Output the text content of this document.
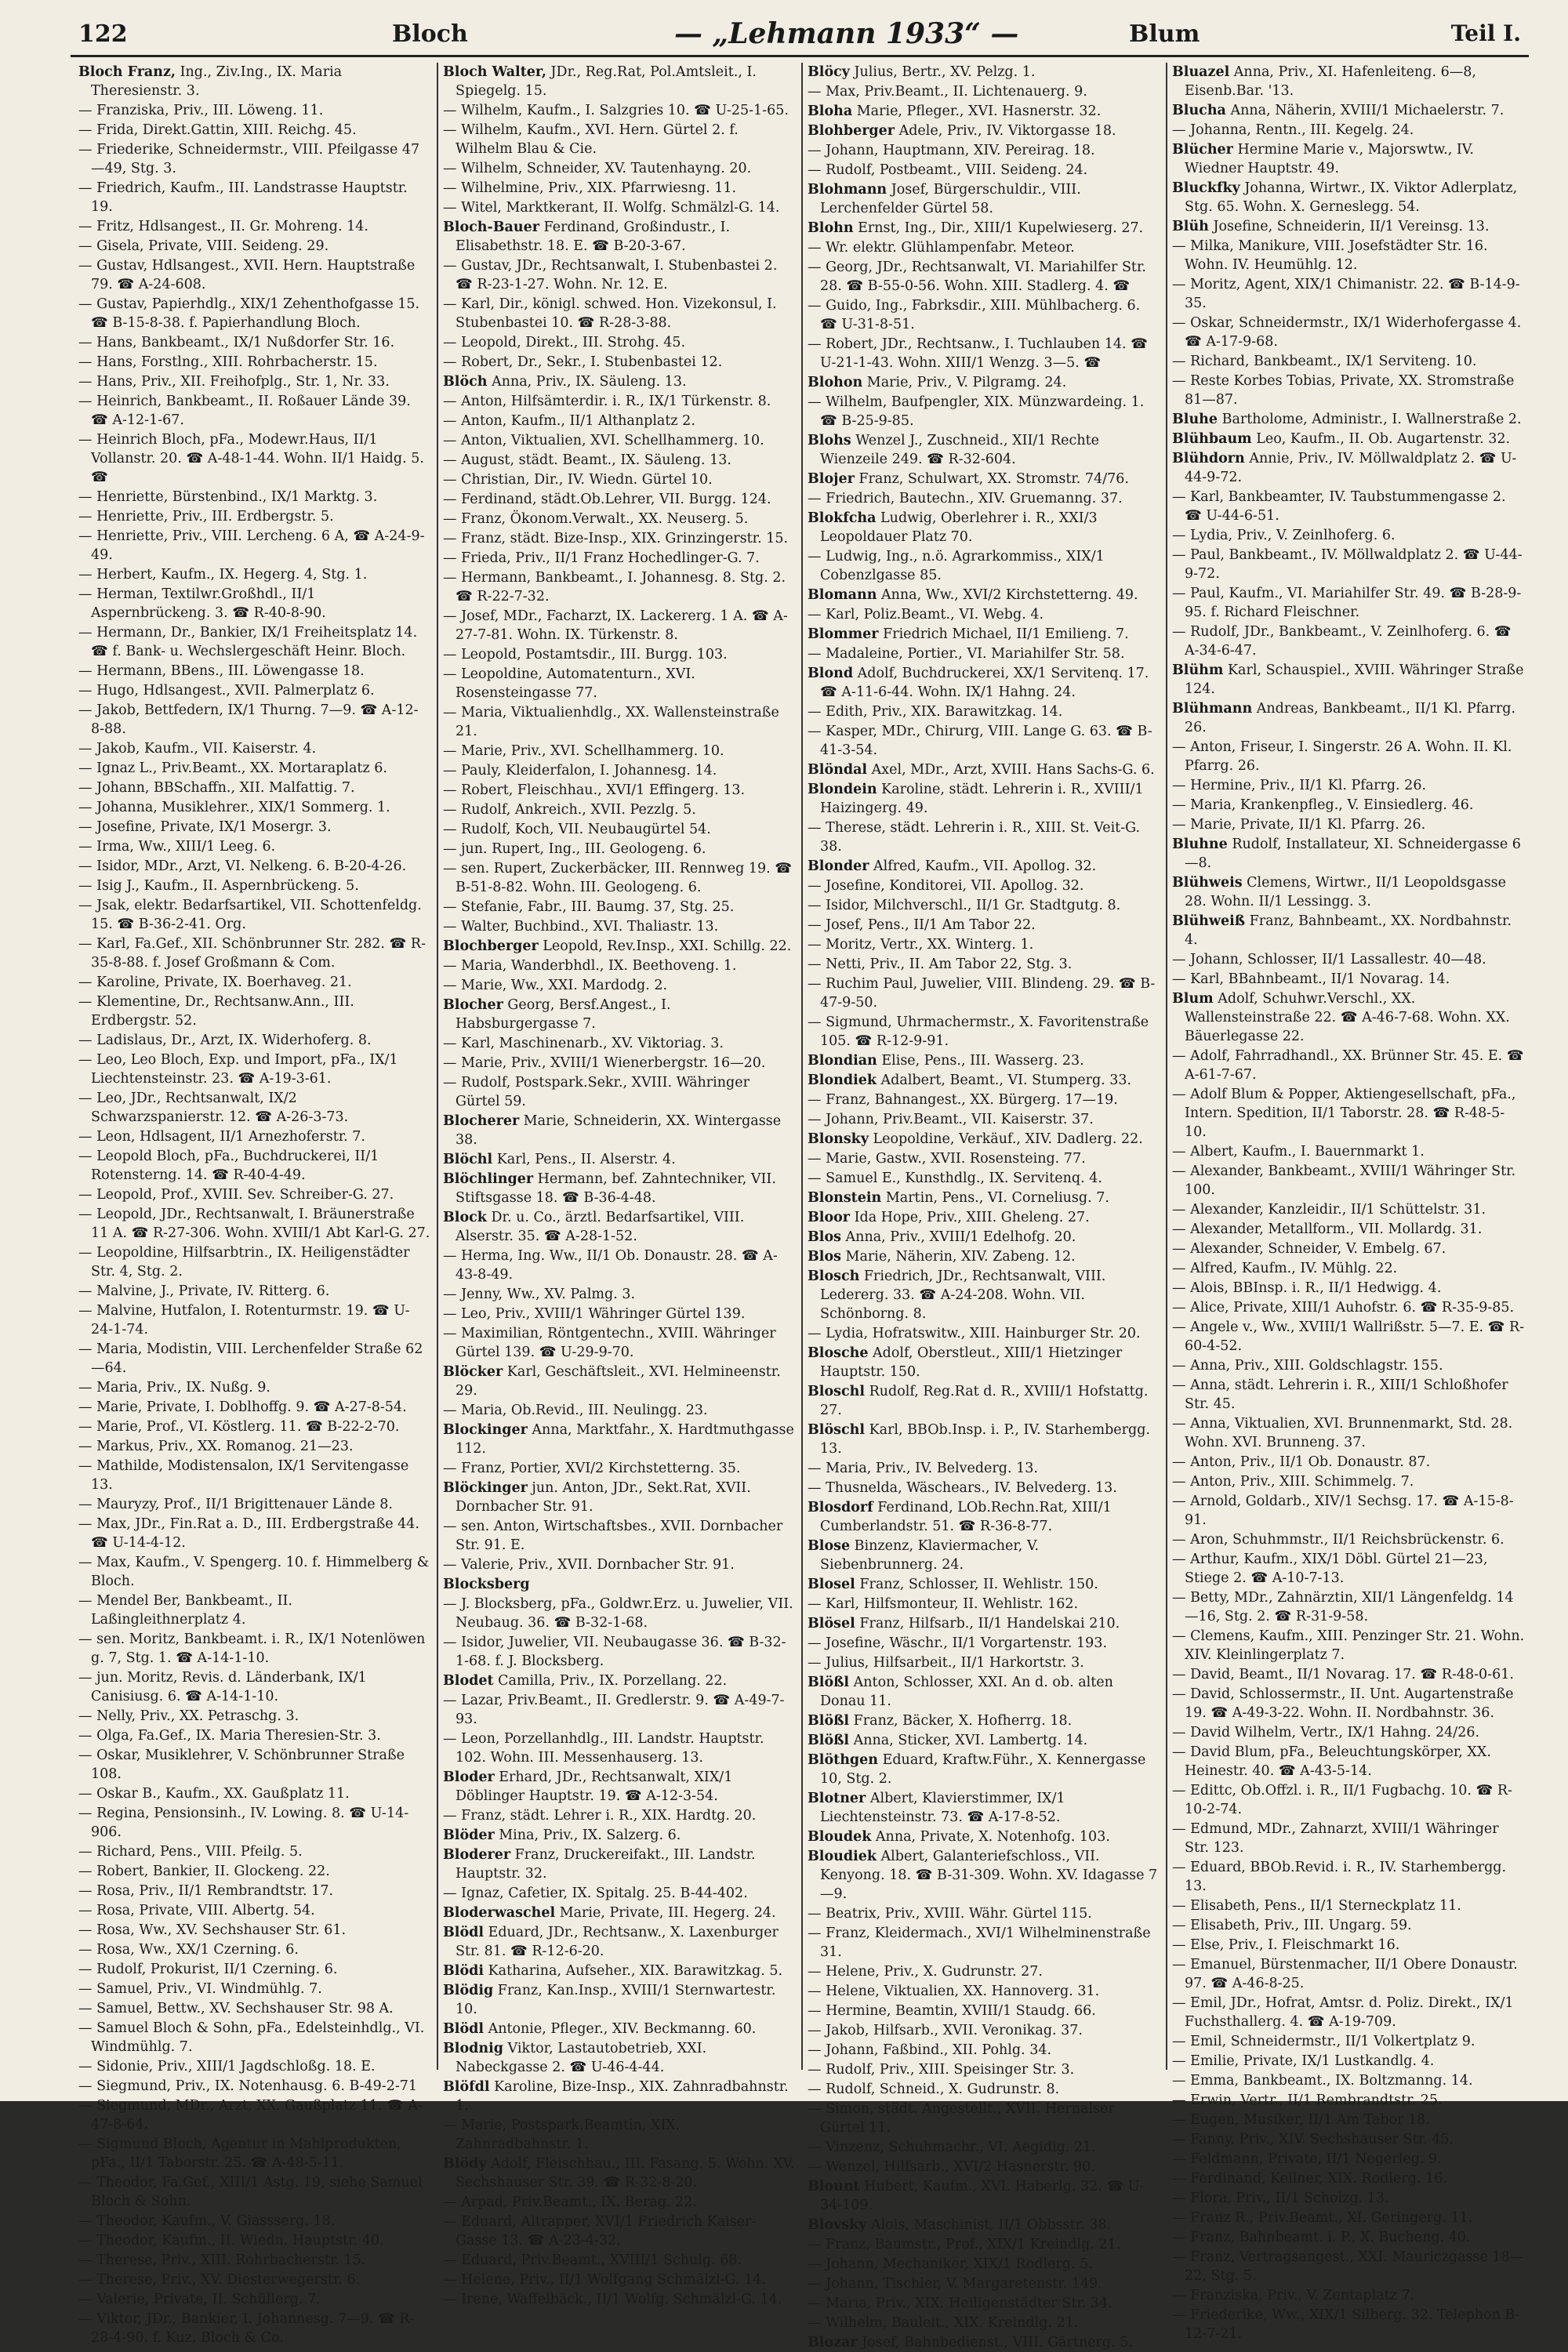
122	Bloch	— „Lehmann 1933“ —	Blum	Teil I.
Bloch Franz, Ing., Ziv.Ing., IX. Maria Theresienstr. 3.
— Franziska, Priv., III. Löweng. 11.
— Frida, Direkt.Gattin, XIII. Reichg. 45.
— Friederike, Schneidermstr., VIII. Pfeilgasse 47—49, Stg. 3.
— Friedrich, Kaufm., III. Landstrasse Hauptstr. 19.
— Fritz, Hdlsangest., II. Gr. Mohreng. 14.
— Gisela, Private, VIII. Seideng. 29.
— Gustav, Hdlsangest., XVII. Hern. Hauptstraße 79. ☎ A-24-608.
— Gustav, Papierhdlg., XIX/1 Zehenthofgasse 15. ☎ B-15-8-38. f. Papierhandlung Bloch.
— Hans, Bankbeamt., IX/1 Nußdorfer Str. 16.
— Hans, Forstlng., XIII. Rohrbacherstr. 15.
— Hans, Priv., XII. Freihofplg., Str. 1, Nr. 33.
— Heinrich, Bankbeamt., II. Roßauer Lände 39. ☎ A-12-1-67.
— Heinrich Bloch, pFa., Modewr.Haus, II/1 Vollanstr. 20. ☎ A-48-1-44. Wohn. II/1 Haidg. 5. ☎
— Henriette, Bürstenbind., IX/1 Marktg. 3.
— Henriette, Priv., III. Erdbergstr. 5.
— Henriette, Priv., VIII. Lercheng. 6 A, ☎ A-24-9-49.
— Herbert, Kaufm., IX. Hegerg. 4, Stg. 1.
— Herman, Textilwr.Großhdl., II/1 Aspernbrückeng. 3. ☎ R-40-8-90.
— Hermann, Dr., Bankier, IX/1 Freiheitsplatz 14. ☎ f. Bank- u. Wechslergeschäft Heinr. Bloch.
— Hermann, BBens., III. Löwengasse 18.
— Hugo, Hdlsangest., XVII. Palmerplatz 6.
— Jakob, Bettfedern, IX/1 Thurng. 7—9. ☎ A-12-8-88.
— Jakob, Kaufm., VII. Kaiserstr. 4.
— Ignaz L., Priv.Beamt., XX. Mortaraplatz 6.
— Johann, BBSchaffn., XII. Malfattig. 7.
— Johanna, Musiklehrer., XIX/1 Sommerg. 1.
— Josefine, Private, IX/1 Mosergr. 3.
— Irma, Ww., XIII/1 Leeg. 6.
— Isidor, MDr., Arzt, VI. Nelkeng. 6. B-20-4-26.
— Isig J., Kaufm., II. Aspernbrückeng. 5.
— Jsak, elektr. Bedarfsartikel, VII. Schottenfeldg. 15. ☎ B-36-2-41. Org.
— Karl, Fa.Gef., XII. Schönbrunner Str. 282. ☎ R-35-8-88. f. Josef Großmann & Com.
— Karoline, Private, IX. Boerhaveg. 21.
— Klementine, Dr., Rechtsanw.Ann., III. Erdbergstr. 52.
— Ladislaus, Dr., Arzt, IX. Widerhoferg. 8.
— Leo, Leo Bloch, Exp. und Import, pFa., IX/1 Liechtensteinstr. 23. ☎ A-19-3-61.
— Leo, JDr., Rechtsanwalt, IX/2 Schwarzspanierstr. 12. ☎ A-26-3-73.
— Leon, Hdlsagent, II/1 Arnezhoferstr. 7.
— Leopold Bloch, pFa., Buchdruckerei, II/1 Rotensterng. 14. ☎ R-40-4-49.
— Leopold, Prof., XVIII. Sev. Schreiber-G. 27.
— Leopold, JDr., Rechtsanwalt, I. Bräunerstraße 11 A. ☎ R-27-306. Wohn. XVIII/1 Abt Karl-G. 27.
— Leopoldine, Hilfsarbtrin., IX. Heiligenstädter Str. 4, Stg. 2.
— Malvine, J., Private, IV. Ritterg. 6.
— Malvine, Hutfalon, I. Rotenturmstr. 19. ☎ U-24-1-74.
— Maria, Modistin, VIII. Lerchenfelder Straße 62—64.
— Maria, Priv., IX. Nußg. 9.
— Marie, Private, I. Doblhoffg. 9. ☎ A-27-8-54.
— Marie, Prof., VI. Köstlerg. 11. ☎ B-22-2-70.
— Markus, Priv., XX. Romanog. 21—23.
— Mathilde, Modistensalon, IX/1 Servitengasse 13.
— Mauryzy, Prof., II/1 Brigittenauer Lände 8.
— Max, JDr., Fin.Rat a. D., III. Erdbergstraße 44. ☎ U-14-4-12.
— Max, Kaufm., V. Spengerg. 10. f. Himmelberg & Bloch.
— Mendel Ber, Bankbeamt., II. Laßingleithnerplatz 4.
— sen. Moritz, Bankbeamt. i. R., IX/1 Notenlöwen g. 7, Stg. 1. ☎ A-14-1-10.
— jun. Moritz, Revis. d. Länderbank, IX/1 Canisiusg. 6. ☎ A-14-1-10.
— Nelly, Priv., XX. Petraschg. 3.
— Olga, Fa.Gef., IX. Maria Theresien-Str. 3.
— Oskar, Musiklehrer, V. Schönbrunner Straße 108.
— Oskar B., Kaufm., XX. Gaußplatz 11.
— Regina, Pensionsinh., IV. Lowing. 8. ☎ U-14-906.
— Richard, Pens., VIII. Pfeilg. 5.
— Robert, Bankier, II. Glockeng. 22.
— Rosa, Priv., II/1 Rembrandtstr. 17.
— Rosa, Private, VIII. Albertg. 54.
— Rosa, Ww., XV. Sechshauser Str. 61.
— Rosa, Ww., XX/1 Czerning. 6.
— Rudolf, Prokurist, II/1 Czerning. 6.
— Samuel, Priv., VI. Windmühlg. 7.
— Samuel, Bettw., XV. Sechshauser Str. 98 A.
— Samuel Bloch & Sohn, pFa., Edelsteinhdlg., VI. Windmühlg. 7.
— Sidonie, Priv., XIII/1 Jagdschloßg. 18. E.
— Siegmund, Priv., IX. Notenhausg. 6. B-49-2-71
— Siegmund, MDr., Arzt, XX. Gaußplatz 11. ☎ A-47-8-64.
— Sigmund Bloch, Agentur in Mahlprodukten, pFa., II/1 Taborstr. 25. ☎ A-48-5-11.
— Theodor, Fa.Gef., XIII/1 Astg. 19, siehe Samuel Bloch & Sohn.
— Theodor, Kaufm., V. Giassserg. 18.
— Theodor, Kaufm., II. Wiedn. Hauptstr. 40.
— Therese, Priv., XIII. Rohrbacherstr. 15.
— Therese, Priv., XV. Diesterwegerstr. 6.
— Valerie, Private, II. Schüllerg. 7.
— Viktor, JDr., Bankier, I. Johannesg. 7—9. ☎ R-28-4-90. f. Kuz. Bloch & Co.
Bloch Walter, JDr., Reg.Rat, Pol.Amtsleit., I. Spiegelg. 15.
— Wilhelm, Kaufm., I. Salzgries 10. ☎ U-25-1-65.
— Wilhelm, Kaufm., XVI. Hern. Gürtel 2. f. Wilhelm Blau & Cie.
— Wilhelm, Schneider, XV. Tautenhayng. 20.
— Wilhelmine, Priv., XIX. Pfarrwiesng. 11.
— Witel, Marktkerant, II. Wolfg. Schmälzl-G. 14.
Bloch-Bauer Ferdinand, Großindustr., I. Elisabethstr. 18. E. ☎ B-20-3-67.
— Gustav, JDr., Rechtsanwalt, I. Stubenbastei 2. ☎ R-23-1-27. Wohn. Nr. 12. E.
— Karl, Dir., königl. schwed. Hon. Vizekonsul, I. Stubenbastei 10. ☎ R-28-3-88.
— Leopold, Direkt., III. Strohg. 45.
— Robert, Dr., Sekr., I. Stubenbastei 12.
Blöch Anna, Priv., IX. Säuleng. 13.
— Anton, Hilfsämterdir. i. R., IX/1 Türkenstr. 8.
— Anton, Kaufm., II/1 Althanplatz 2.
— Anton, Viktualien, XVI. Schellhammerg. 10.
— August, städt. Beamt., IX. Säuleng. 13.
— Christian, Dir., IV. Wiedn. Gürtel 10.
— Ferdinand, städt.Ob.Lehrer, VII. Burgg. 124.
— Franz, Ökonom.Verwalt., XX. Neuserg. 5.
— Franz, städt. Bize-Insp., XIX. Grinzingerstr. 15.
— Frieda, Priv., II/1 Franz Hochedlinger-G. 7.
— Hermann, Bankbeamt., I. Johannesg. 8. Stg. 2. ☎ R-22-7-32.
— Josef, MDr., Facharzt, IX. Lackererg. 1 A. ☎ A-27-7-81. Wohn. IX. Türkenstr. 8.
— Leopold, Postamtsdir., III. Burgg. 103.
— Leopoldine, Automatenturn., XVI. Rosensteingasse 77.
— Maria, Viktualienhdlg., XX. Wallensteinstraße 21.
— Marie, Priv., XVI. Schellhammerg. 10.
— Pauly, Kleiderfalon, I. Johannesg. 14.
— Robert, Fleischhau., XVI/1 Effingerg. 13.
— Rudolf, Ankreich., XVII. Pezzlg. 5.
— Rudolf, Koch, VII. Neubaugürtel 54.
— jun. Rupert, Ing., III. Geologeng. 6.
— sen. Rupert, Zuckerbäcker, III. Rennweg 19. ☎ B-51-8-82. Wohn. III. Geologeng. 6.
— Stefanie, Fabr., III. Baumg. 37, Stg. 25.
— Walter, Buchbind., XVI. Thaliastr. 13.
Blochberger Leopold, Rev.Insp., XXI. Schillg. 22.
— Maria, Wanderbhdl., IX. Beethoveng. 1.
— Marie, Ww., XXI. Mardodg. 2.
Blocher Georg, Bersf.Angest., I. Habsburgergasse 7.
— Karl, Maschinenarb., XV. Viktoriag. 3.
— Marie, Priv., XVIII/1 Wienerbergstr. 16—20.
— Rudolf, Postspark.Sekr., XVIII. Währinger Gürtel 59.
Blocherer Marie, Schneiderin, XX. Wintergasse 38.
Blöchl Karl, Pens., II. Alserstr. 4.
Blöchlinger Hermann, bef. Zahntechniker, VII. Stiftsgasse 18. ☎ B-36-4-48.
Block Dr. u. Co., ärztl. Bedarfsartikel, VIII. Alserstr. 35. ☎ A-28-1-52.
— Herma, Ing. Ww., II/1 Ob. Donaustr. 28. ☎ A-43-8-49.
— Jenny, Ww., XV. Palmg. 3.
— Leo, Priv., XVIII/1 Währinger Gürtel 139.
— Maximilian, Röntgentechn., XVIII. Währinger Gürtel 139. ☎ U-29-9-70.
Blöcker Karl, Geschäftsleit., XVI. Helmineenstr. 29.
— Maria, Ob.Revid., III. Neulingg. 23.
Blockinger Anna, Marktfahr., X. Hardtmuthgasse 112.
— Franz, Portier, XVI/2 Kirchstetterng. 35.
Blöckinger jun. Anton, JDr., Sekt.Rat, XVII. Dornbacher Str. 91.
— sen. Anton, Wirtschaftsbes., XVII. Dornbacher Str. 91. E.
— Valerie, Priv., XVII. Dornbacher Str. 91.
Blocksberg
— J. Blocksberg, pFa., Goldwr.Erz. u. Juwelier, VII. Neubaug. 36. ☎ B-32-1-68.
— Isidor, Juwelier, VII. Neubaugasse 36. ☎ B-32-1-68. f. J. Blocksberg.
Blodet Camilla, Priv., IX. Porzellang. 22.
— Lazar, Priv.Beamt., II. Gredlerstr. 9. ☎ A-49-7-93.
— Leon, Porzellanhdlg., III. Landstr. Hauptstr. 102. Wohn. III. Messenhauserg. 13.
Bloder Erhard, JDr., Rechtsanwalt, XIX/1 Döblinger Hauptstr. 19. ☎ A-12-3-54.
— Franz, städt. Lehrer i. R., XIX. Hardtg. 20.
Blöder Mina, Priv., IX. Salzerg. 6.
Bloderer Franz, Druckereifakt., III. Landstr. Hauptstr. 32.
— Ignaz, Cafetier, IX. Spitalg. 25. B-44-402.
Bloderwaschel Marie, Private, III. Hegerg. 24.
Blödl Eduard, JDr., Rechtsanw., X. Laxenburger Str. 81. ☎ R-12-6-20.
Blödi Katharina, Aufseher., XIX. Barawitzkag. 5.
Blödig Franz, Kan.Insp., XVIII/1 Sternwartestr. 10.
Blödl Antonie, Pfleger., XIV. Beckmanng. 60.
Blodnig Viktor, Lastautobetrieb, XXI. Nabeckgasse 2. ☎ U-46-4-44.
Blöfdl Karoline, Bize-Insp., XIX. Zahnradbahnstr. 1.
— Marie, Postspark.Beamtin, XIX. Zahnradbahnstr. 1.
Blödy Adolf, Fleischhau., III. Fasang. 5. Wohn. XV. Sechshauser Str. 39. ☎ R-32-8-20.
— Arpad, Priv.Beamt., IX. Berag. 22.
— Eduard, Altrapper, XVI/1 Friedrich Kaiser-Gasse 13. ☎ A-23-4-32.
— Eduard, Priv.Beamt., XVIII/1 Schulg. 68.
— Helene, Priv., II/1 Wolfgang Schmälzl-G. 14.
— Irene, Waffelbäck., II/1 Wolfg. Schmälzl-G. 14.
Blöcy Julius, Bertr., XV. Pelzg. 1.
— Max, Priv.Beamt., II. Lichtenauerg. 9.
Bloha Marie, Pfleger., XVI. Hasnerstr. 32.
Blohberger Adele, Priv., IV. Viktorgasse 18.
— Johann, Hauptmann, XIV. Pereirag. 18.
— Rudolf, Postbeamt., VIII. Seideng. 24.
Blohmann Josef, Bürgerschuldir., VIII. Lerchenfelder Gürtel 58.
Blohn Ernst, Ing., Dir., XIII/1 Kupelwieserg. 27.
— Wr. elektr. Glühlampenfabr. Meteor.
— Georg, JDr., Rechtsanwalt, VI. Mariahilfer Str. 28. ☎ B-55-0-56. Wohn. XIII. Stadlerg. 4. ☎
— Guido, Ing., Fabrksdir., XIII. Mühlbacherg. 6. ☎ U-31-8-51.
— Robert, JDr., Rechtsanw., I. Tuchlauben 14. ☎ U-21-1-43. Wohn. XIII/1 Wenzg. 3—5. ☎
Blohon Marie, Priv., V. Pilgramg. 24.
— Wilhelm, Baufpengler, XIX. Münzwardeing. 1. ☎ B-25-9-85.
Blohs Wenzel J., Zuschneid., XII/1 Rechte Wienzeile 249. ☎ R-32-604.
Blojer Franz, Schulwart, XX. Stromstr. 74/76.
— Friedrich, Bautechn., XIV. Gruemanng. 37.
Blokfcha Ludwig, Oberlehrer i. R., XXI/3 Leopoldauer Platz 70.
— Ludwig, Ing., n.ö. Agrarkommiss., XIX/1 Cobenzlgasse 85.
Blomann Anna, Ww., XVI/2 Kirchstetterng. 49.
— Karl, Poliz.Beamt., VI. Webg. 4.
Blommer Friedrich Michael, II/1 Emilieng. 7.
— Madaleine, Portier., VI. Mariahilfer Str. 58.
Blond Adolf, Buchdruckerei, XX/1 Servitenq. 17. ☎ A-11-6-44. Wohn. IX/1 Hahng. 24.
— Edith, Priv., XIX. Barawitzkag. 14.
— Kasper, MDr., Chirurg, VIII. Lange G. 63. ☎ B-41-3-54.
Blöndal Axel, MDr., Arzt, XVIII. Hans Sachs-G. 6.
Blondein Karoline, städt. Lehrerin i. R., XVIII/1 Haizingerg. 49.
— Therese, städt. Lehrerin i. R., XIII. St. Veit-G. 38.
Blonder Alfred, Kaufm., VII. Apollog. 32.
— Josefine, Konditorei, VII. Apollog. 32.
— Isidor, Milchverschl., II/1 Gr. Stadtgutg. 8.
— Josef, Pens., II/1 Am Tabor 22.
— Moritz, Vertr., XX. Winterg. 1.
— Netti, Priv., II. Am Tabor 22, Stg. 3.
— Ruchim Paul, Juwelier, VIII. Blindeng. 29. ☎ B-47-9-50.
— Sigmund, Uhrmachermstr., X. Favoritenstraße 105. ☎ R-12-9-91.
Blondian Elise, Pens., III. Wasserg. 23.
Blondiek Adalbert, Beamt., VI. Stumperg. 33.
— Franz, Bahnangest., XX. Bürgerg. 17—19.
— Johann, Priv.Beamt., VII. Kaiserstr. 37.
Blonsky Leopoldine, Verkäuf., XIV. Dadlerg. 22.
— Marie, Gastw., XVII. Rosensteing. 77.
— Samuel E., Kunsthdlg., IX. Servitenq. 4.
Blonstein Martin, Pens., VI. Corneliusg. 7.
Bloor Ida Hope, Priv., XIII. Gheleng. 27.
Blos Anna, Priv., XVIII/1 Edelhofg. 20.
Blos Marie, Näherin, XIV. Zabeng. 12.
Blosch Friedrich, JDr., Rechtsanwalt, VIII. Ledererg. 33. ☎ A-24-208. Wohn. VII. Schönborng. 8.
— Lydia, Hofratswitw., XIII. Hainburger Str. 20.
Blosche Adolf, Oberstleut., XIII/1 Hietzinger Hauptstr. 150.
Bloschl Rudolf, Reg.Rat d. R., XVIII/1 Hofstattg. 27.
Blöschl Karl, BBOb.Insp. i. P., IV. Starhembergg. 13.
— Maria, Priv., IV. Belvederg. 13.
— Thusnelda, Wäschears., IV. Belvederg. 13.
Blosdorf Ferdinand, LOb.Rechn.Rat, XIII/1 Cumberlandstr. 51. ☎ R-36-8-77.
Blose Binzenz, Klaviermacher, V. Siebenbrunnerg. 24.
Blosel Franz, Schlosser, II. Wehlistr. 150.
— Karl, Hilfsmonteur, II. Wehlistr. 162.
Blösel Franz, Hilfsarb., II/1 Handelskai 210.
— Josefine, Wäschr., II/1 Vorgartenstr. 193.
— Julius, Hilfsarbeit., II/1 Harkortstr. 3.
Blößl Anton, Schlosser, XXI. An d. ob. alten Donau 11.
Blößl Franz, Bäcker, X. Hofherrg. 18.
Blößl Anna, Sticker, XVI. Lambertg. 14.
Blöthgen Eduard, Kraftw.Führ., X. Kennergasse 10, Stg. 2.
Blotner Albert, Klavierstimmer, IX/1 Liechtensteinstr. 73. ☎ A-17-8-52.
Bloudek Anna, Private, X. Notenhofg. 103.
Bloudiek Albert, Galanteriefschloss., VII. Kenyong. 18. ☎ B-31-309. Wohn. XV. Idagasse 7—9.
— Beatrix, Priv., XVIII. Währ. Gürtel 115.
— Franz, Kleidermach., XVI/1 Wilhelminenstraße 31.
— Helene, Priv., X. Gudrunstr. 27.
— Helene, Viktualien, XX. Hannoverg. 31.
— Hermine, Beamtin, XVIII/1 Staudg. 66.
— Jakob, Hilfsarb., XVII. Veronikag. 37.
— Johann, Faßbind., XII. Pohlg. 34.
— Rudolf, Priv., XIII. Speisinger Str. 3.
— Rudolf, Schneid., X. Gudrunstr. 8.
— Simon, städt. Angestellt., XVII. Hernalser Gürtel 11.
— Vinzenz, Schuhmachr., VI. Aegidig. 21.
— Wenzel, Hilfsarb., XVI/2 Hasnerstr. 90.
Blount Hubert, Kaufm., XVI. Haberlg. 32. ☎ U-34-109.
Blovsky Alois, Maschinist, II/1 Obbsstr. 38.
— Franz, Baumstr., Prof., XIX/1 Kreindlg. 21.
— Johann, Mechaniker, XIX/1 Rodlerg. 5.
— Johann, Tischler, V. Margaretenstr. 149.
— Maria, Priv., XIX. Heiligenstädter Str. 34.
— Wilhelm, Bauleit., XIX. Kreindlg. 21.
Blozar Josef, Bahnbedienst., VIII. Gärtnerg. 5.
Bluazel Anna, Priv., XI. Hafenleiteng. 6—8, Eisenb.Bar. '13.
Blucha Anna, Näherin, XVIII/1 Michaelerstr. 7.
— Johanna, Rentn., III. Kegelg. 24.
Blücher Hermine Marie v., Majorswtw., IV. Wiedner Hauptstr. 49.
Bluckfky Johanna, Wirtwr., IX. Viktor Adlerplatz, Stg. 65. Wohn. X. Gerneslegg. 54.
Blüh Josefine, Schneiderin, II/1 Vereinsg. 13.
— Milka, Manikure, VIII. Josefstädter Str. 16. Wohn. IV. Heumühlg. 12.
— Moritz, Agent, XIX/1 Chimanistr. 22. ☎ B-14-9-35.
— Oskar, Schneidermstr., IX/1 Widerhofergasse 4. ☎ A-17-9-68.
— Richard, Bankbeamt., IX/1 Serviteng. 10.
— Reste Korbes Tobias, Private, XX. Stromstraße 81—87.
Bluhe Bartholome, Administr., I. Wallnerstraße 2.
Blühbaum Leo, Kaufm., II. Ob. Augartenstr. 32.
Blühdorn Annie, Priv., IV. Möllwaldplatz 2. ☎ U-44-9-72.
— Karl, Bankbeamter, IV. Taubstummengasse 2. ☎ U-44-6-51.
— Lydia, Priv., V. Zeinlhoferg. 6.
— Paul, Bankbeamt., IV. Möllwaldplatz 2. ☎ U-44-9-72.
— Paul, Kaufm., VI. Mariahilfer Str. 49. ☎ B-28-9-95. f. Richard Fleischner.
— Rudolf, JDr., Bankbeamt., V. Zeinlhoferg. 6. ☎ A-34-6-47.
Blühm Karl, Schauspiel., XVIII. Währinger Straße 124.
Blühmann Andreas, Bankbeamt., II/1 Kl. Pfarrg. 26.
— Anton, Friseur, I. Singerstr. 26 A. Wohn. II. Kl. Pfarrg. 26.
— Hermine, Priv., II/1 Kl. Pfarrg. 26.
— Maria, Krankenpfleg., V. Einsiedlerg. 46.
— Marie, Private, II/1 Kl. Pfarrg. 26.
Bluhne Rudolf, Installateur, XI. Schneidergasse 6—8.
Blühweis Clemens, Wirtwr., II/1 Leopoldsgasse 28. Wohn. II/1 Lessingg. 3.
Blühweiß Franz, Bahnbeamt., XX. Nordbahnstr. 4.
— Johann, Schlosser, II/1 Lassallestr. 40—48.
— Karl, BBahnbeamt., II/1 Novarag. 14.
Blum Adolf, Schuhwr.Verschl., XX. Wallensteinstraße 22. ☎ A-46-7-68. Wohn. XX. Bäuerlegasse 22.
— Adolf, Fahrradhandl., XX. Brünner Str. 45. E. ☎ A-61-7-67.
— Adolf Blum & Popper, Aktiengesellschaft, pFa., Intern. Spedition, II/1 Taborstr. 28. ☎ R-48-5-10.
— Albert, Kaufm., I. Bauernmarkt 1.
— Alexander, Bankbeamt., XVIII/1 Währinger Str. 100.
— Alexander, Kanzleidir., II/1 Schüttelstr. 31.
— Alexander, Metallform., VII. Mollardg. 31.
— Alexander, Schneider, V. Embelg. 67.
— Alfred, Kaufm., IV. Mühlg. 22.
— Alois, BBInsp. i. R., II/1 Hedwigg. 4.
— Alice, Private, XIII/1 Auhofstr. 6. ☎ R-35-9-85.
— Angele v., Ww., XVIII/1 Wallrißstr. 5—7. E. ☎ R-60-4-52.
— Anna, Priv., XIII. Goldschlagstr. 155.
— Anna, städt. Lehrerin i. R., XIII/1 Schloßhofer Str. 45.
— Anna, Viktualien, XVI. Brunnenmarkt, Std. 28. Wohn. XVI. Brunneng. 37.
— Anton, Priv., II/1 Ob. Donaustr. 87.
— Anton, Priv., XIII. Schimmelg. 7.
— Arnold, Goldarb., XIV/1 Sechsg. 17. ☎ A-15-8-91.
— Aron, Schuhmmstr., II/1 Reichsbrückenstr. 6.
— Arthur, Kaufm., XIX/1 Döbl. Gürtel 21—23, Stiege 2. ☎ A-10-7-13.
— Betty, MDr., Zahnärztin, XII/1 Längenfeldg. 14—16, Stg. 2. ☎ R-31-9-58.
— Clemens, Kaufm., XIII. Penzinger Str. 21. Wohn. XIV. Kleinlingerplatz 7.
— David, Beamt., II/1 Novarag. 17. ☎ R-48-0-61.
— David, Schlossermstr., II. Unt. Augartenstraße 19. ☎ A-49-3-22. Wohn. II. Nordbahnstr. 36.
— David Wilhelm, Vertr., IX/1 Hahng. 24/26.
— David Blum, pFa., Beleuchtungskörper, XX. Heinestr. 40. ☎ A-43-5-14.
— Edittc, Ob.Offzl. i. R., II/1 Fugbachg. 10. ☎ R-10-2-74.
— Edmund, MDr., Zahnarzt, XVIII/1 Währinger Str. 123.
— Eduard, BBOb.Revid. i. R., IV. Starhembergg. 13.
— Elisabeth, Pens., II/1 Sterneckplatz 11.
— Elisabeth, Priv., III. Ungarg. 59.
— Else, Priv., I. Fleischmarkt 16.
— Emanuel, Bürstenmacher, II/1 Obere Donaustr. 97. ☎ A-46-8-25.
— Emil, JDr., Hofrat, Amtsr. d. Poliz. Direkt., IX/1 Fuchsthallerg. 4. ☎ A-19-709.
— Emil, Schneidermstr., II/1 Volkertplatz 9.
— Emilie, Private, IX/1 Lustkandlg. 4.
— Emma, Bankbeamt., IX. Boltzmanng. 14.
— Erwin, Vertr., II/1 Rembrandtstr. 25.
— Eugen, Musiker, II/1 Am Tabor 18.
— Fanny, Priv., XIV. Sechshauser Str. 45.
— Feldmann, Private, II/1 Negerleg. 9.
— Ferdinand, Kellner, XIX. Rodlerg. 16.
— Flora, Priv., II/1 Scholzg. 13.
— Franz R., Priv.Beamt., XI. Geringerg. 11.
— Franz, Bahnbeamt. i. P., X. Bucheng. 40.
— Franz, Vertragsangest., XXI. Mauriczgasse 18—22, Stg. 5.
— Franziska, Priv., V. Zentaplatz 7.
— Friederike, Ww., XIX/1 Silberg. 32. Telephon B-12-7-21.
